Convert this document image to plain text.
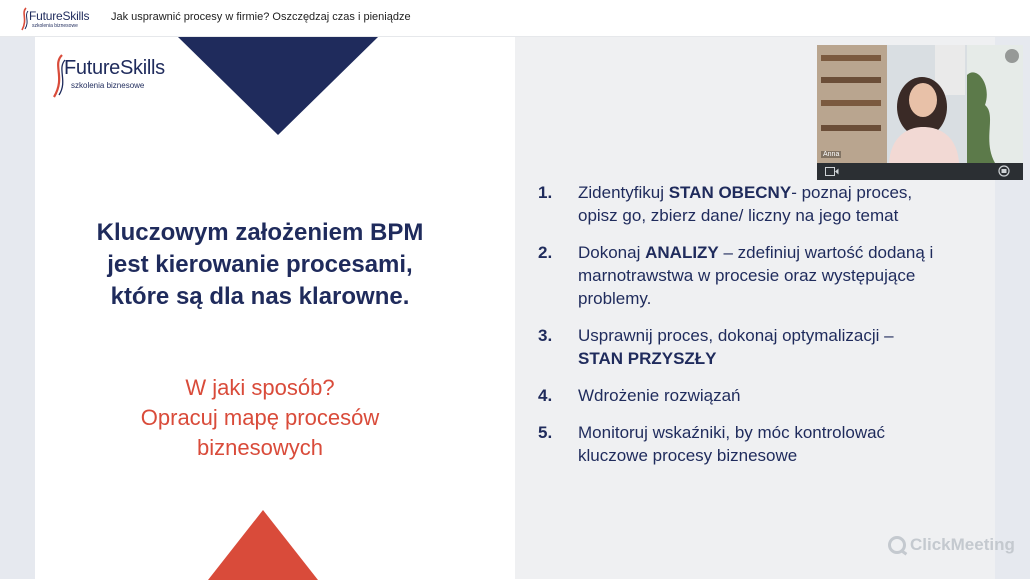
FutureSkills
szkolenia biznesowe
Jak usprawnić procesy w firmie? Oszczędzaj czas i pieniądze
FutureSkills
szkolenia biznesowe
Kluczowym założeniem BPM
jest kierowanie procesami,
które są dla nas klarowne.
W jaki sposób?
Opracuj mapę procesów
biznesowych
ClickMeeting
1. Zidentyfikuj STAN OBECNY- poznaj proces, opisz go, zbierz dane/ liczny na jego temat
2. Dokonaj ANALIZY – zdefiniuj wartość dodaną i marnotrawstwa w procesie oraz występujące problemy.
3. Usprawnij proces, dokonaj optymalizacji – STAN PRZYSZŁY
4. Wdrożenie rozwiązań
5. Monitoruj wskaźniki, by móc kontrolować kluczowe procesy biznesowe
Anna
